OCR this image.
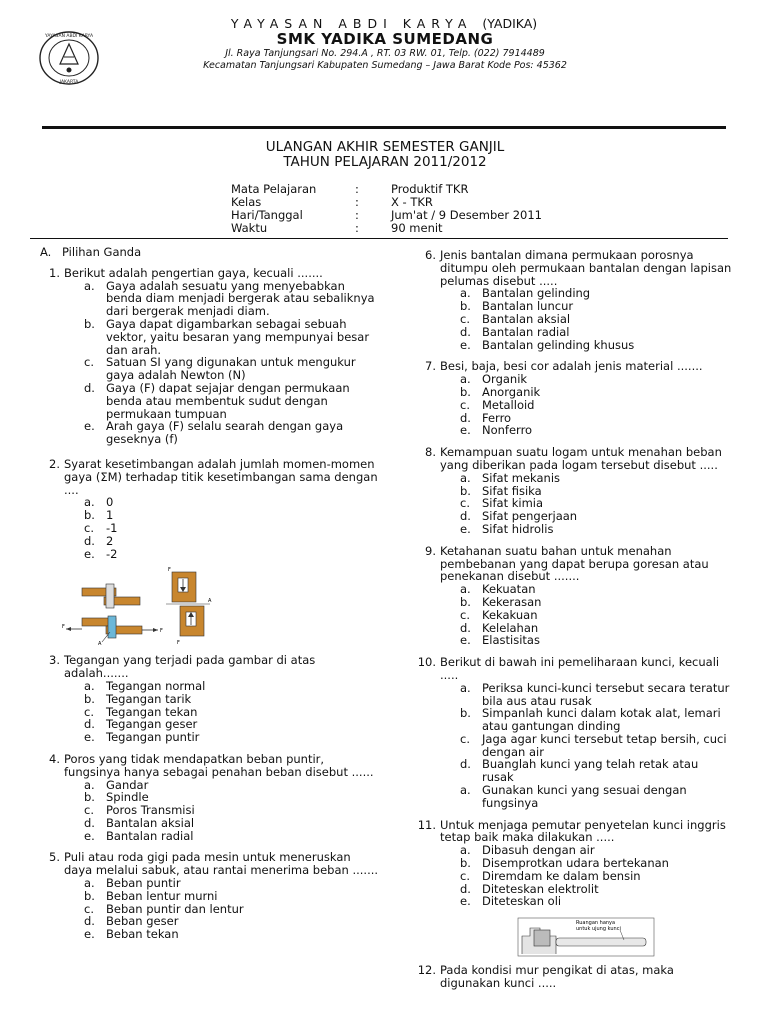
YAYASAN ABDI KARYA
JAKARTA
YAYASAN ABDI KARYA (YADIKA)
SMK YADIKA SUMEDANG
Jl. Raya Tanjungsari No. 294.A , RT. 03 RW. 01, Telp. (022) 7914489
Kecamatan Tanjungsari Kabupaten Sumedang – Jawa Barat Kode Pos: 45362
ULANGAN AKHIR SEMESTER GANJIL
TAHUN PELAJARAN 2011/2012
Mata Pelajaran	:	Produktif TKR
Kelas	:	X - TKR
Hari/Tanggal	:	Jum'at / 9 Desember 2011
Waktu	:	90 menit
A. Pilihan Ganda
1. Berikut adalah pengertian gaya, kecuali .......
a. Gaya adalah sesuatu yang menyebabkan benda diam menjadi bergerak atau sebaliknya dari bergerak menjadi diam.
b. Gaya dapat digambarkan sebagai sebuah vektor, yaitu besaran yang mempunyai besar dan arah.
c.	Satuan SI yang digunakan untuk mengukur gaya adalah Newton (N)
d. Gaya (F) dapat sejajar dengan permukaan benda atau membentuk sudut dengan permukaan tumpuan
e. Arah gaya (F) selalu searah dengan gaya geseknya (f)
2. Syarat kesetimbangan adalah jumlah momen-momen gaya (ΣM) terhadap titik kesetimbangan sama dengan ....
a. 0
b. 1
c.	-1
d. 2
e. -2
F
F
F
F
A
A
3. Tegangan yang terjadi pada gambar di atas adalah.......
a. Tegangan normal
b. Tegangan tarik
c.	Tegangan tekan
d. Tegangan geser
e. Tegangan puntir
4. Poros yang tidak mendapatkan beban puntir, fungsinya hanya sebagai penahan beban disebut ......
a. Gandar
b. Spindle
c.	Poros Transmisi
d. Bantalan aksial
e. Bantalan radial
5. Puli atau roda gigi pada mesin untuk meneruskan daya melalui sabuk, atau rantai menerima beban .......
a. Beban puntir
b. Beban lentur murni
c.	Beban puntir dan lentur
d. Beban geser
e. Beban tekan
6. Jenis bantalan dimana permukaan porosnya ditumpu oleh permukaan bantalan dengan lapisan pelumas disebut .....
a. Bantalan gelinding
b. Bantalan luncur
c.	Bantalan aksial
d. Bantalan radial
e. Bantalan gelinding khusus
7. Besi, baja, besi cor adalah jenis material .......
a. Organik
b. Anorganik
c.	Metalloid
d. Ferro
e. Nonferro
8. Kemampuan suatu logam untuk menahan beban yang diberikan pada logam tersebut disebut .....
a. Sifat mekanis
b. Sifat fisika
c.	Sifat kimia
d. Sifat pengerjaan
e. Sifat hidrolis
9. Ketahanan suatu bahan untuk menahan pembebanan yang dapat berupa goresan atau penekanan disebut .......
a. Kekuatan
b. Kekerasan
c.	Kekakuan
d. Kelelahan
e. Elastisitas
10. Berikut di bawah ini pemeliharaan kunci, kecuali .....
a. Periksa kunci-kunci tersebut secara teratur bila aus atau rusak
b. Simpanlah kunci dalam kotak alat, lemari atau gantungan dinding
c.	Jaga agar kunci tersebut tetap bersih, cuci dengan air
d. Buanglah kunci yang telah retak atau rusak
a. Gunakan kunci yang sesuai dengan fungsinya
11. Untuk menjaga pemutar penyetelan kunci inggris tetap baik maka dilakukan .....
a. Dibasuh dengan air
b. Disemprotkan udara bertekanan
c.	Diremdam ke dalam bensin
d. Diteteskan elektrolit
e. Diteteskan oli
Ruangan hanya
untuk ujung kunci
12. Pada kondisi mur pengikat di atas, maka digunakan kunci .....
